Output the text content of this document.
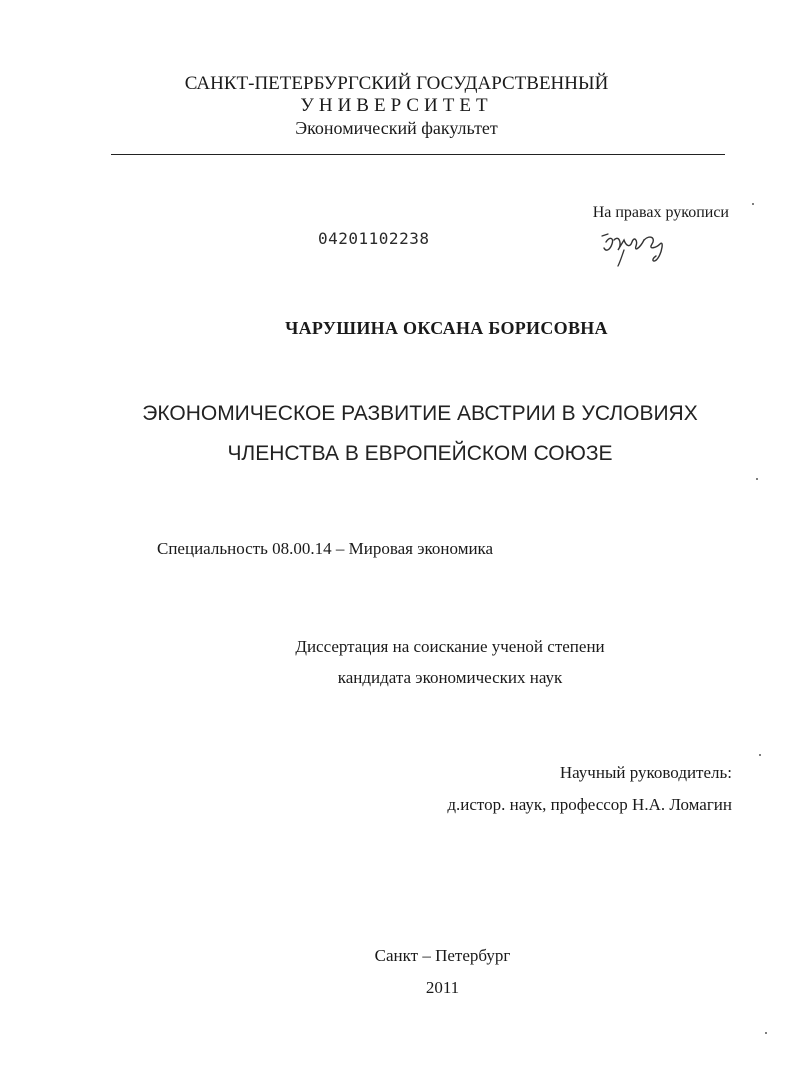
САНКТ-ПЕТЕРБУРГСКИЙ ГОСУДАРСТВЕННЫЙ
УНИВЕРСИТЕТ
Экономический факультет
На правах рукописи
04201102238
ЧАРУШИНА ОКСАНА БОРИСОВНА
ЭКОНОМИЧЕСКОЕ РАЗВИТИЕ АВСТРИИ В УСЛОВИЯХ
ЧЛЕНСТВА В ЕВРОПЕЙСКОМ СОЮЗЕ
Специальность 08.00.14 – Мировая экономика
Диссертация на соискание ученой степени
кандидата экономических наук
Научный руководитель:
д.истор. наук, профессор Н.А. Ломагин
Санкт – Петербург
2011
